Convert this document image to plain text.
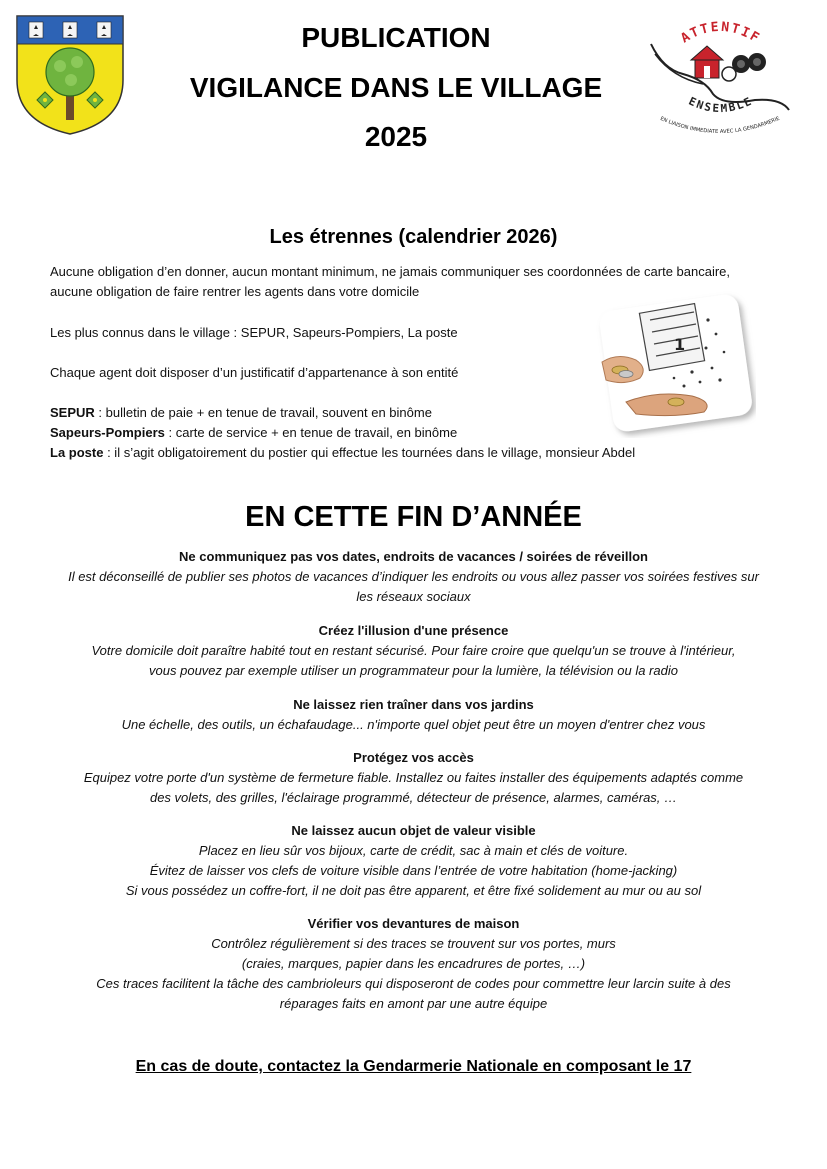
PUBLICATION
VIGILANCE DANS LE VILLAGE
2025
ATTENTIF
ENSEMBLE
EN LIAISON IMMEDIATE AVEC LA GENDARMERIE
Les étrennes (calendrier 2026)
Aucune obligation d’en donner, aucun montant minimum, ne jamais communiquer ses coordonnées de carte bancaire, aucune obligation de faire rentrer les agents dans votre domicile
Les plus connus dans le village : SEPUR, Sapeurs-Pompiers, La poste
Chaque agent doit disposer d’un justificatif d’appartenance à son entité
SEPUR : bulletin de paie + en tenue de travail, souvent en binôme
Sapeurs-Pompiers : carte de service + en tenue de travail, en binôme
La poste : il s’agit obligatoirement du postier qui effectue les tournées dans le village, monsieur Abdel
1
EN CETTE FIN D’ANNÉE
Ne communiquez pas vos dates, endroits de vacances / soirées de réveillon
Il est déconseillé de publier ses photos de vacances d’indiquer les endroits ou vous allez passer vos soirées festives sur
les réseaux sociaux
Créez l'illusion d'une présence
Votre domicile doit paraître habité tout en restant sécurisé. Pour faire croire que quelqu'un se trouve à l'intérieur,
vous pouvez par exemple utiliser un programmateur pour la lumière, la télévision ou la radio
Ne laissez rien traîner dans vos jardins
Une échelle, des outils, un échafaudage... n'importe quel objet peut être un moyen d'entrer chez vous
Protégez vos accès
Equipez votre porte d'un système de fermeture fiable. Installez ou faites installer des équipements adaptés comme
des volets, des grilles, l'éclairage programmé, détecteur de présence, alarmes, caméras, …
Ne laissez aucun objet de valeur visible
Placez en lieu sûr vos bijoux, carte de crédit, sac à main et clés de voiture.
Évitez de laisser vos clefs de voiture visible dans l’entrée de votre habitation (home-jacking)
Si vous possédez un coffre-fort, il ne doit pas être apparent, et être fixé solidement au mur ou au sol
Vérifier vos devantures de maison
Contrôlez régulièrement si des traces se trouvent sur vos portes, murs
(craies, marques, papier dans les encadrures de portes, …)
Ces traces facilitent la tâche des cambrioleurs qui disposeront de codes pour commettre leur larcin suite à des
réparages faits en amont par une autre équipe
En cas de doute, contactez la Gendarmerie Nationale en composant le 17
